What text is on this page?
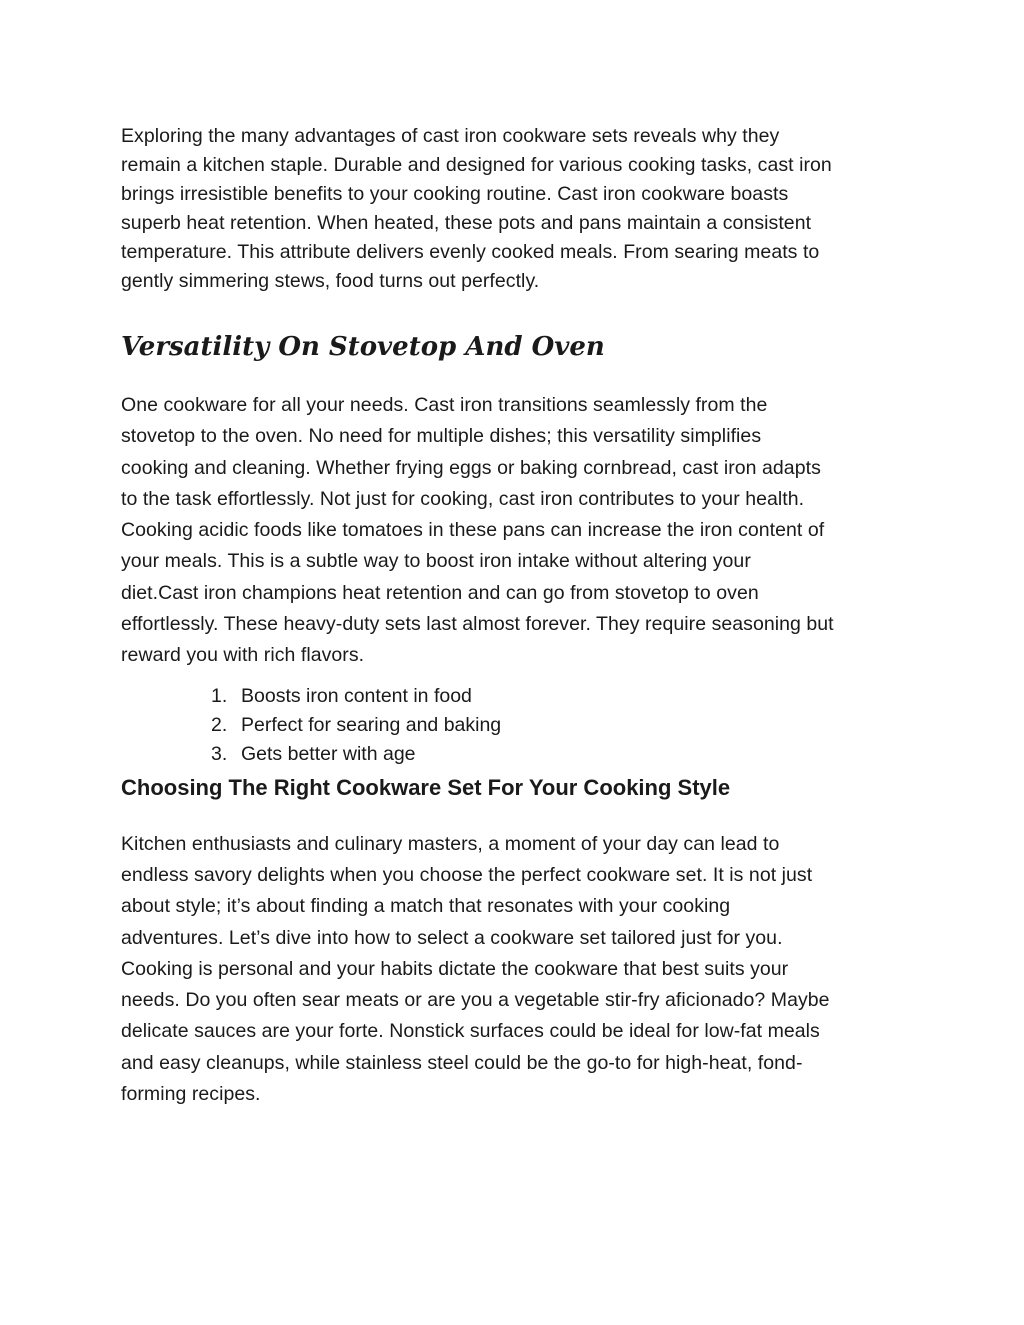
Exploring the many advantages of cast iron cookware sets reveals why they
remain a kitchen staple. Durable and designed for various cooking tasks, cast iron
brings irresistible benefits to your cooking routine. Cast iron cookware boasts
superb heat retention. When heated, these pots and pans maintain a consistent
temperature. This attribute delivers evenly cooked meals. From searing meats to
gently simmering stews, food turns out perfectly.

Versatility On Stovetop And Oven

One cookware for all your needs. Cast iron transitions seamlessly from the
stovetop to the oven. No need for multiple dishes; this versatility simplifies
cooking and cleaning. Whether frying eggs or baking cornbread, cast iron adapts
to the task effortlessly. Not just for cooking, cast iron contributes to your health.
Cooking acidic foods like tomatoes in these pans can increase the iron content of
your meals. This is a subtle way to boost iron intake without altering your
diet.Cast iron champions heat retention and can go from stovetop to oven
effortlessly. These heavy-duty sets last almost forever. They require seasoning but
reward you with rich flavors.

1. Boosts iron content in food
2. Perfect for searing and baking
3. Gets better with age
Choosing The Right Cookware Set For Your Cooking Style

Kitchen enthusiasts and culinary masters, a moment of your day can lead to
endless savory delights when you choose the perfect cookware set. It is not just
about style; it’s about finding a match that resonates with your cooking
adventures. Let’s dive into how to select a cookware set tailored just for you.
Cooking is personal and your habits dictate the cookware that best suits your
needs. Do you often sear meats or are you a vegetable stir-fry aficionado? Maybe
delicate sauces are your forte. Nonstick surfaces could be ideal for low-fat meals
and easy cleanups, while stainless steel could be the go-to for high-heat, fond-
forming recipes.
